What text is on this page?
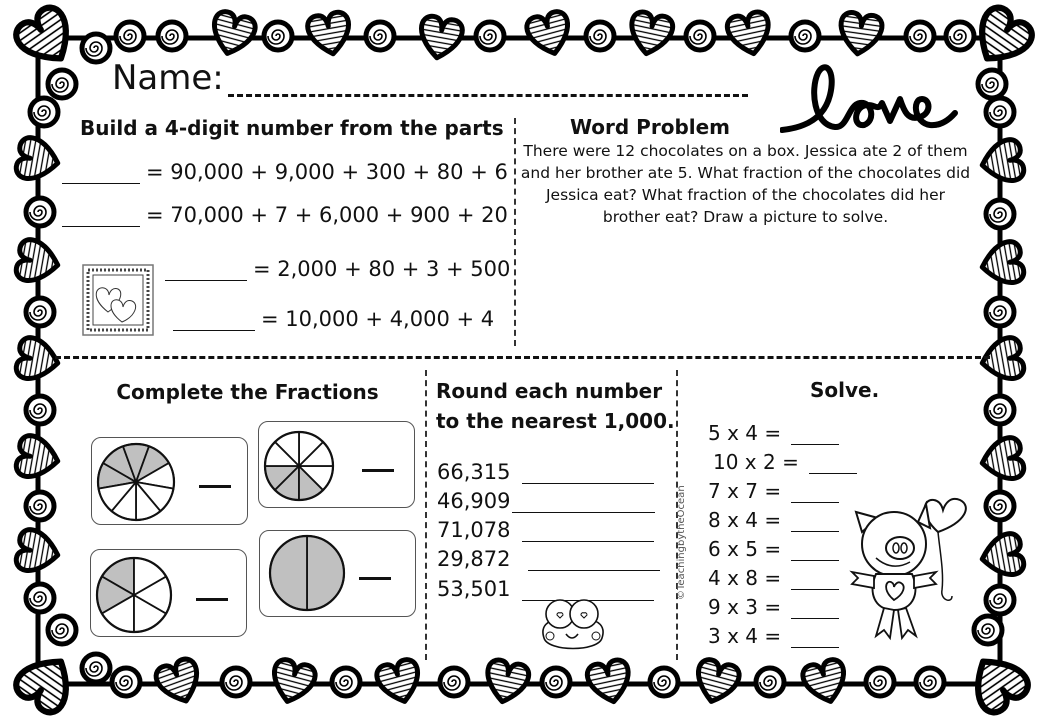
Name:
Build a 4-digit number from the parts
= 90,000 + 9,000 + 300 + 80 + 6
= 70,000 + 7 + 6,000 + 900 + 20
= 2,000 + 80 + 3 + 500
= 10,000 + 4,000 + 4
Word Problem
There were 12 chocolates on a box. Jessica ate 2 of them and her brother ate 5. What fraction of the chocolates did Jessica eat? What fraction of the chocolates did her brother eat? Draw a picture to solve.
Complete the Fractions	Round each number
to the nearest 1,000.
66,315
46,909
71,078
29,872
53,501	©TeachingbytheOcean
Solve.
5 x 4 =
10 x 2 =
7 x 7 =
8 x 4 =
6 x 5 =
4 x 8 =
9 x 3 =
3 x 4 =
